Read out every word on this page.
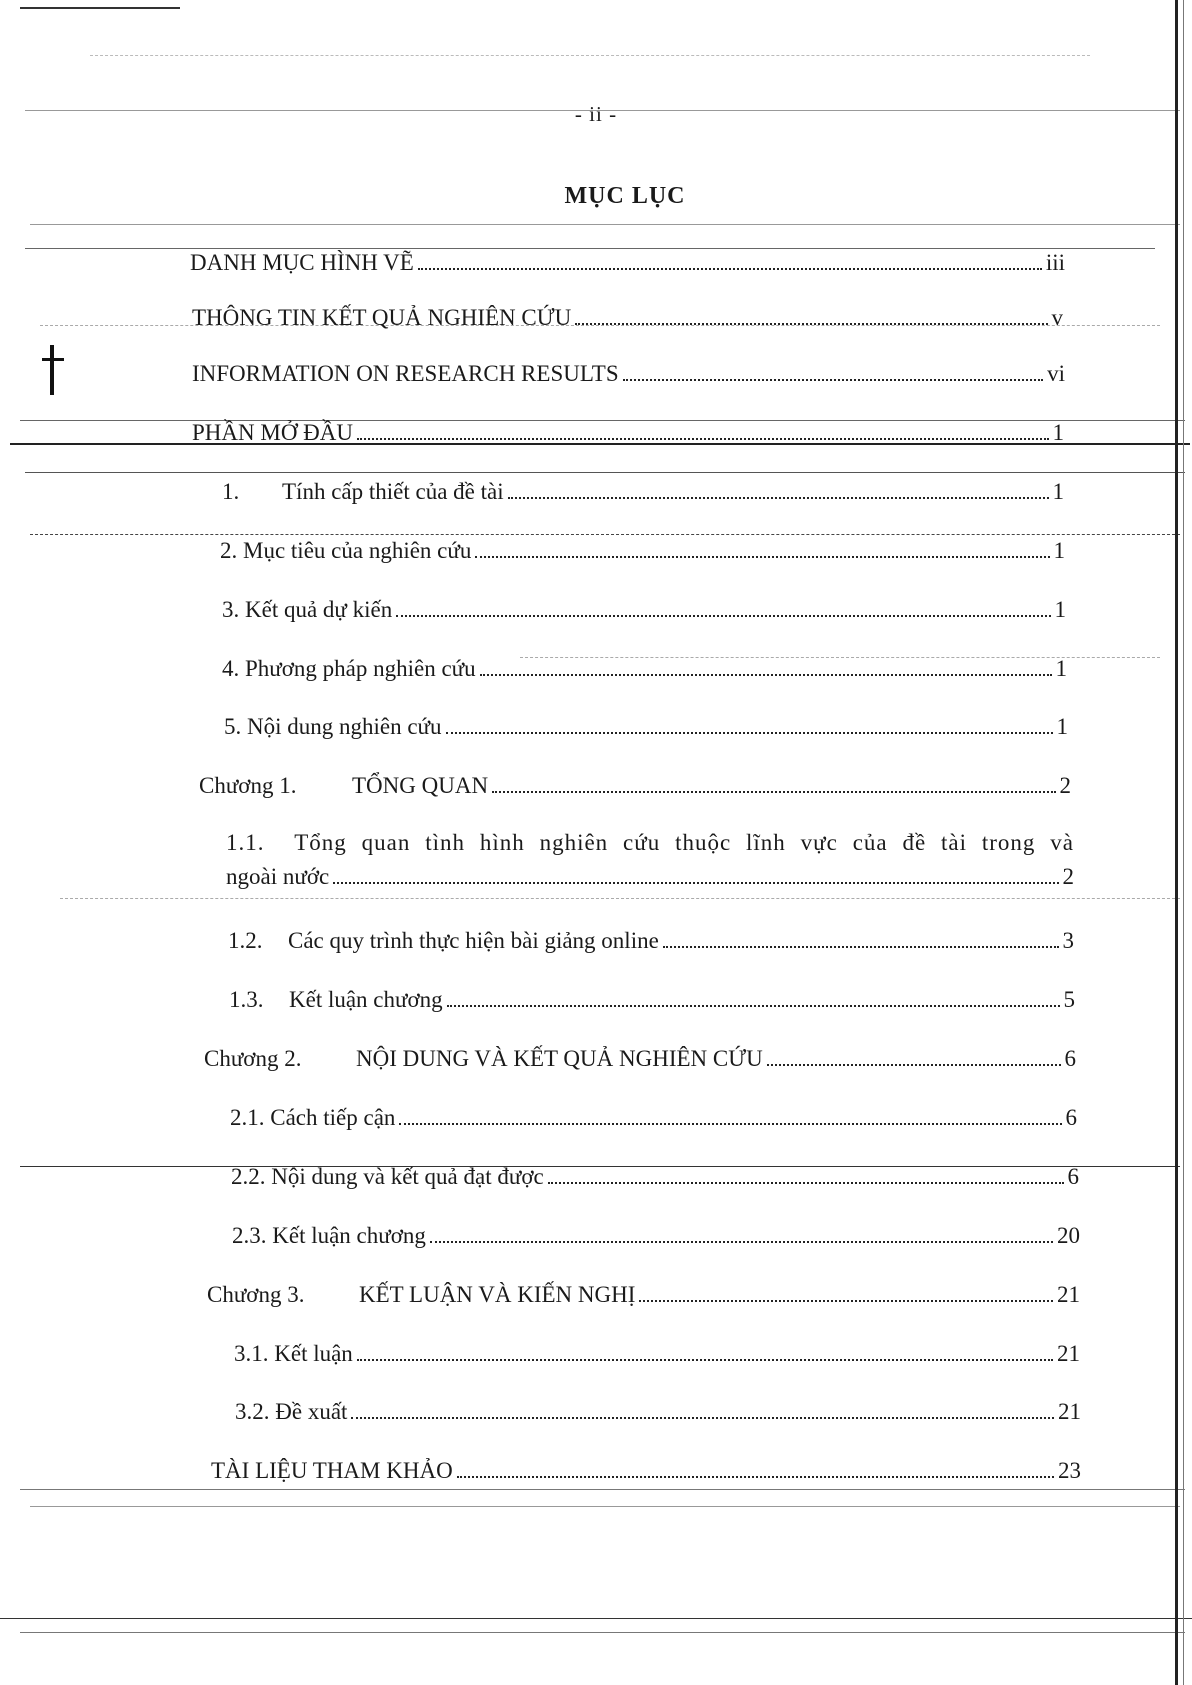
- ii -
MỤC LỤC
DANH MỤC HÌNH VẼ	iii
THÔNG TIN KẾT QUẢ NGHIÊN CỨU	v
INFORMATION ON RESEARCH RESULTS	vi
PHẦN MỞ ĐẦU	1
1.	Tính cấp thiết của đề tài	1
2. Mục tiêu của nghiên cứu	1
3. Kết quả dự kiến	1
4. Phương pháp nghiên cứu	1
5. Nội dung nghiên cứu	1
Chương 1.	TỔNG QUAN	2
1.1. Tổng quan tình hình nghiên cứu thuộc lĩnh vực của đề tài trong và
ngoài nước	2
1.2.	Các quy trình thực hiện bài giảng online	3
1.3.	Kết luận chương	5
Chương 2.	NỘI DUNG VÀ KẾT QUẢ NGHIÊN CỨU	6
2.1. Cách tiếp cận	6
2.2. Nội dung và kết quả đạt được	6
2.3. Kết luận chương	20
Chương 3.	KẾT LUẬN VÀ KIẾN NGHỊ	21
3.1. Kết luận	21
3.2. Đề xuất	21
TÀI LIỆU THAM KHẢO	23
